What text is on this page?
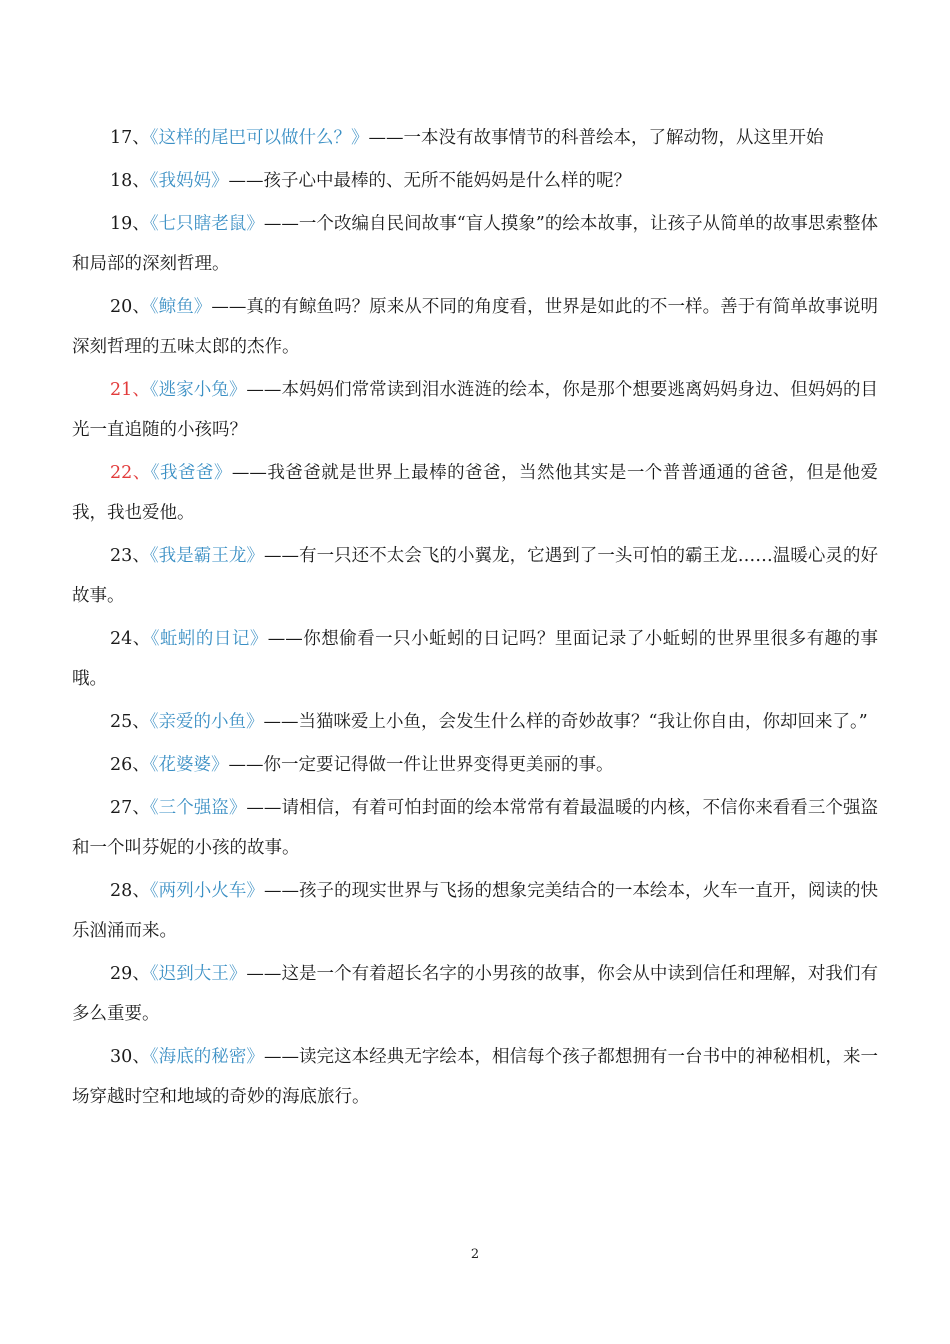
17、《这样的尾巴可以做什么？》——一本没有故事情节的科普绘本，了解动物，从这里开始

18、《我妈妈》——孩子心中最棒的、无所不能妈妈是什么样的呢？

19、《七只瞎老鼠》——一个改编自民间故事“盲人摸象”的绘本故事，让孩子从简单的故事思索整体和局部的深刻哲理。

20、《鲸鱼》——真的有鲸鱼吗？原来从不同的角度看，世界是如此的不一样。善于有简单故事说明深刻哲理的五味太郎的杰作。

21、《逃家小兔》——本妈妈们常常读到泪水涟涟的绘本，你是那个想要逃离妈妈身边、但妈妈的目光一直追随的小孩吗？

22、《我爸爸》——我爸爸就是世界上最棒的爸爸，当然他其实是一个普普通通的爸爸，但是他爱我，我也爱他。

23、《我是霸王龙》——有一只还不太会飞的小翼龙，它遇到了一头可怕的霸王龙……温暖心灵的好故事。

24、《蚯蚓的日记》——你想偷看一只小蚯蚓的日记吗？里面记录了小蚯蚓的世界里很多有趣的事哦。

25、《亲爱的小鱼》——当猫咪爱上小鱼，会发生什么样的奇妙故事？“我让你自由，你却回来了。”

26、《花婆婆》——你一定要记得做一件让世界变得更美丽的事。

27、《三个强盗》——请相信，有着可怕封面的绘本常常有着最温暖的内核，不信你来看看三个强盗和一个叫芬妮的小孩的故事。

28、《两列小火车》——孩子的现实世界与飞扬的想象完美结合的一本绘本，火车一直开，阅读的快乐汹涌而来。

29、《迟到大王》——这是一个有着超长名字的小男孩的故事，你会从中读到信任和理解，对我们有多么重要。

30、《海底的秘密》——读完这本经典无字绘本，相信每个孩子都想拥有一台书中的神秘相机，来一场穿越时空和地域的奇妙的海底旅行。

2
